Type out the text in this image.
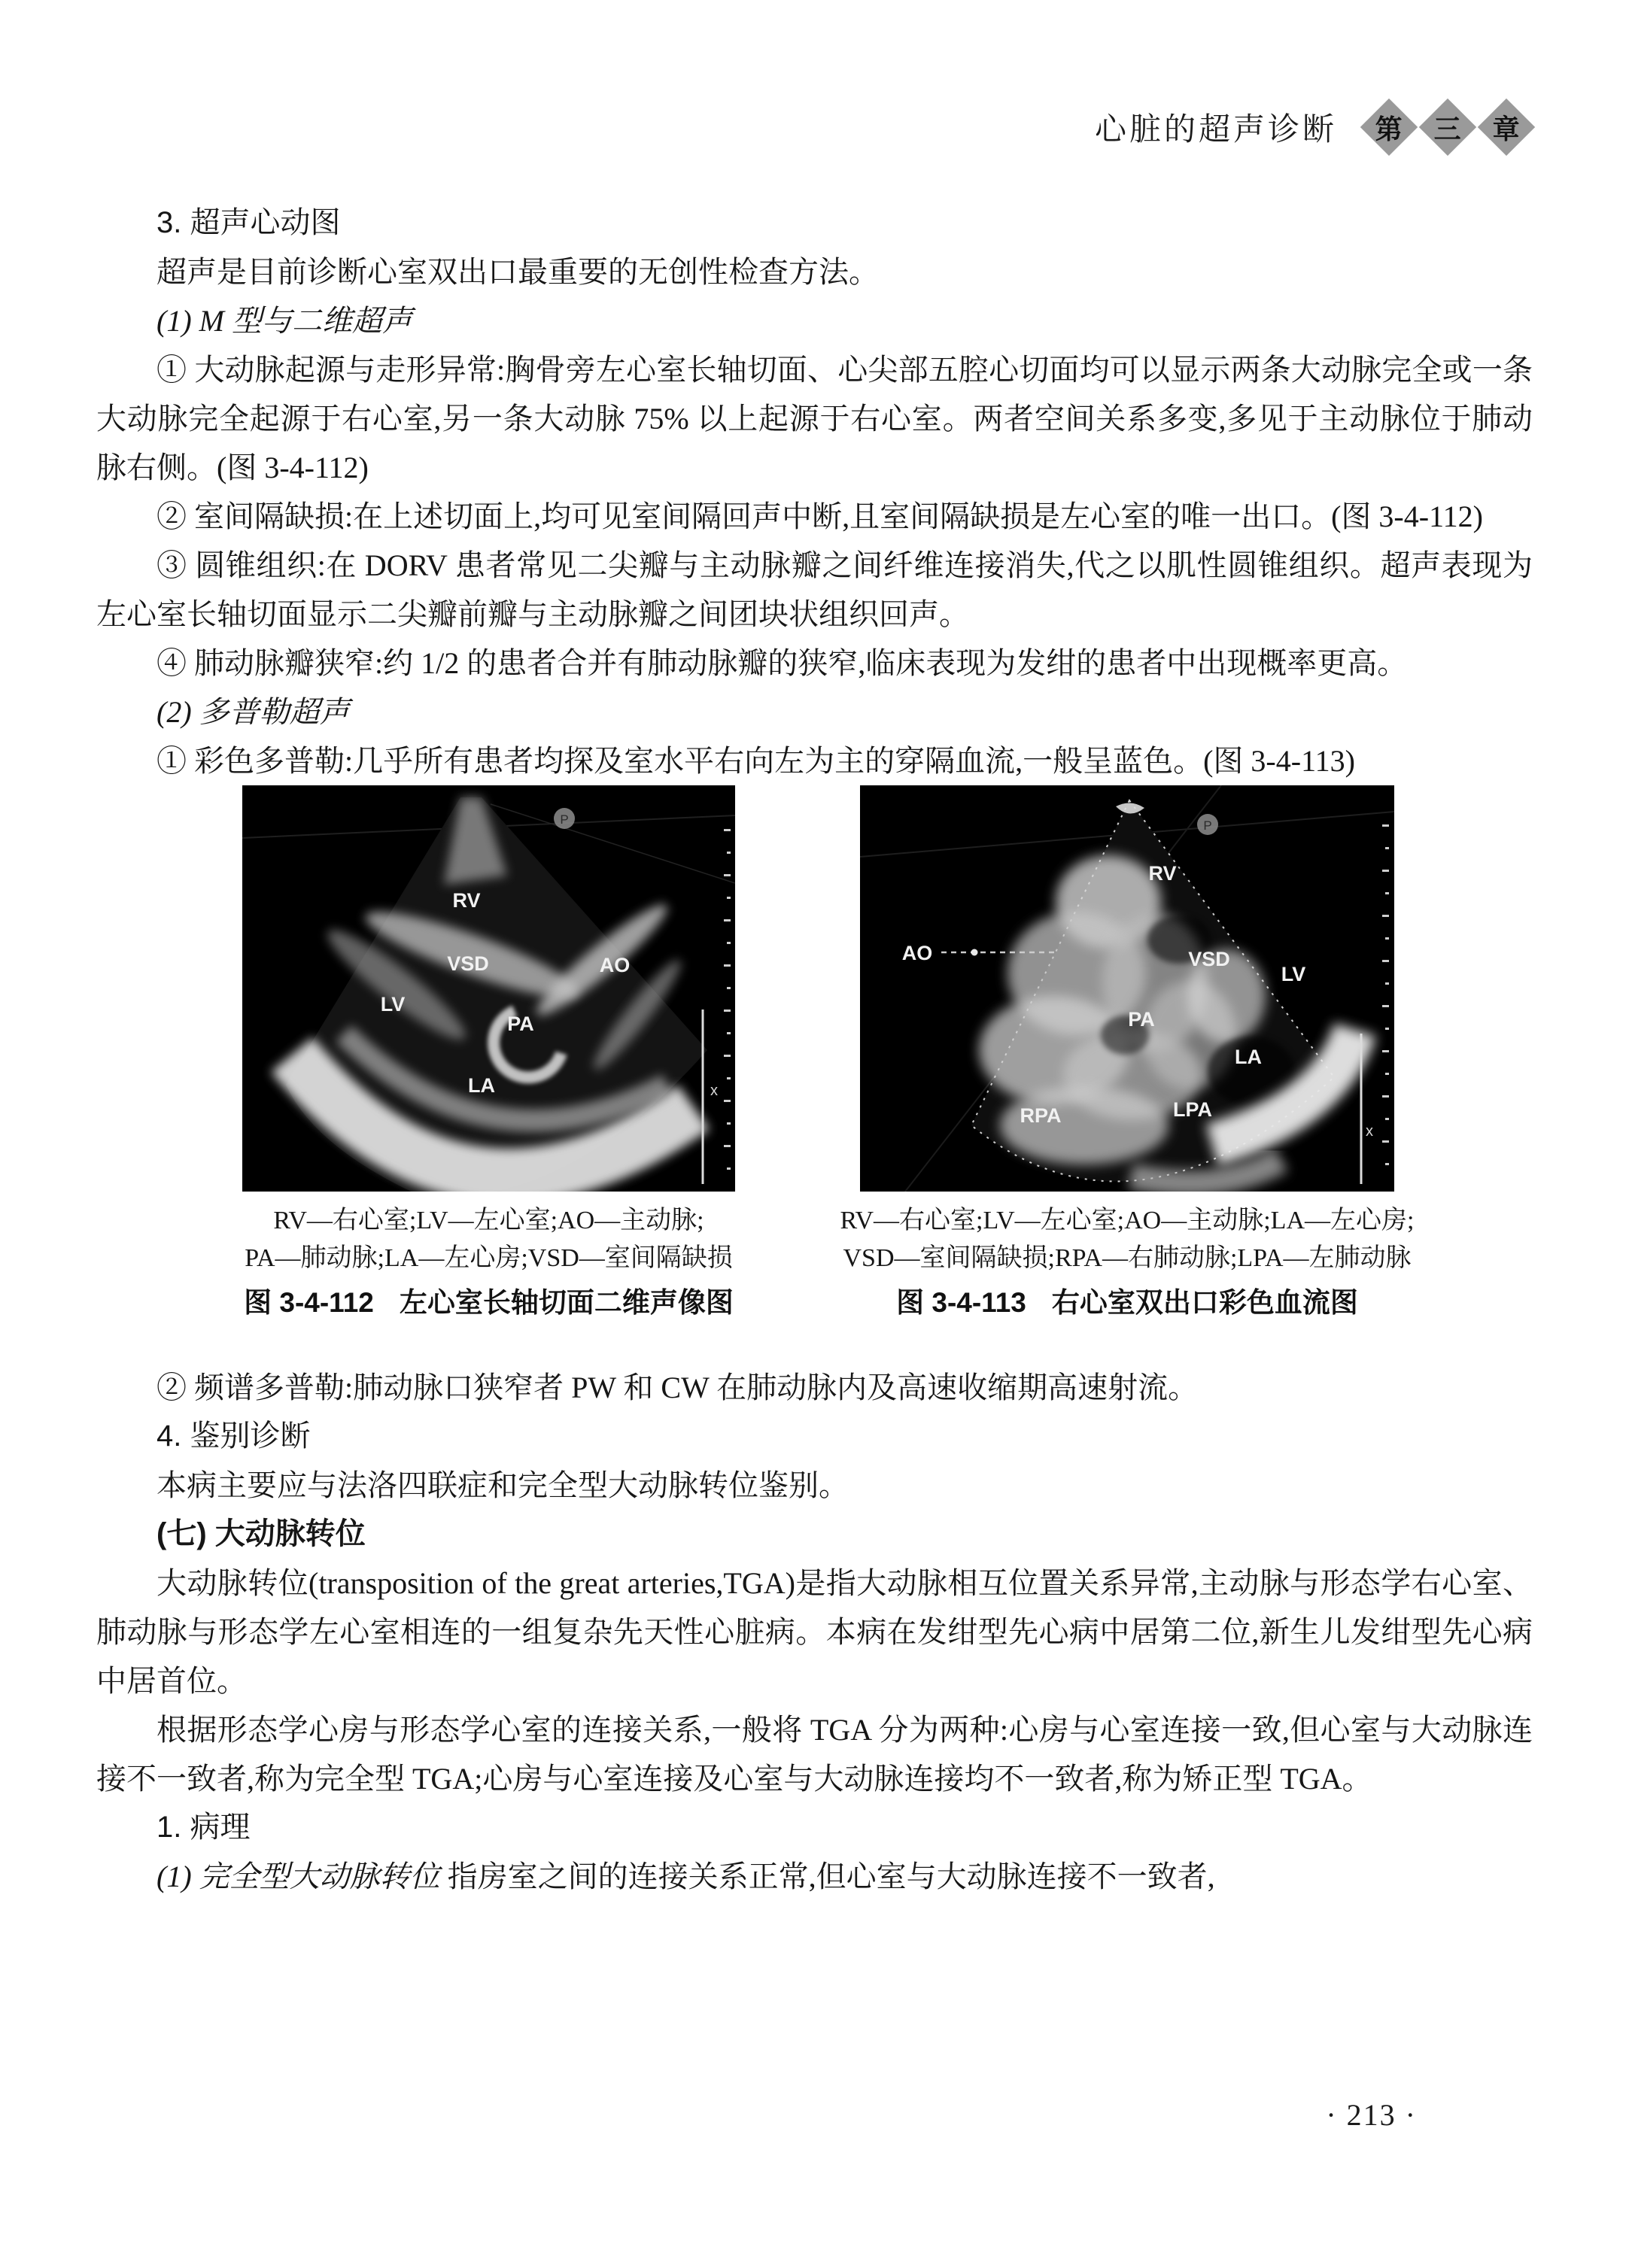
心脏的超声诊断 第 三 章

3. 超声心动图

超声是目前诊断心室双出口最重要的无创性检查方法。

(1) M 型与二维超声

① 大动脉起源与走形异常:胸骨旁左心室长轴切面、心尖部五腔心切面均可以显示两条大动脉完全或一条大动脉完全起源于右心室,另一条大动脉 75% 以上起源于右心室。两者空间关系多变,多见于主动脉位于肺动脉右侧。(图 3-4-112)

② 室间隔缺损:在上述切面上,均可见室间隔回声中断,且室间隔缺损是左心室的唯一出口。(图 3-4-112)

③ 圆锥组织:在 DORV 患者常见二尖瓣与主动脉瓣之间纤维连接消失,代之以肌性圆锥组织。超声表现为左心室长轴切面显示二尖瓣前瓣与主动脉瓣之间团块状组织回声。

④ 肺动脉瓣狭窄:约 1/2 的患者合并有肺动脉瓣的狭窄,临床表现为发绀的患者中出现概率更高。

(2) 多普勒超声

① 彩色多普勒:几乎所有患者均探及室水平右向左为主的穿隔血流,一般呈蓝色。(图 3-4-113)

RV
VSD	AO
LV
PA
LA
P
x
RV—右心室;LV—左心室;AO—主动脉;
PA—肺动脉;LA—左心房;VSD—室间隔缺损
图 3-4-112 左心室长轴切面二维声像图
RV
AO	VSD
LV
PA
LA
RPA	LPA
P
x
RV—右心室;LV—左心室;AO—主动脉;LA—左心房;
VSD—室间隔缺损;RPA—右肺动脉;LPA—左肺动脉
图 3-4-113 右心室双出口彩色血流图

② 频谱多普勒:肺动脉口狭窄者 PW 和 CW 在肺动脉内及高速收缩期高速射流。

4. 鉴别诊断

本病主要应与法洛四联症和完全型大动脉转位鉴别。

(七) 大动脉转位

大动脉转位(transposition of the great arteries,TGA)是指大动脉相互位置关系异常,主动脉与形态学右心室、肺动脉与形态学左心室相连的一组复杂先天性心脏病。本病在发绀型先心病中居第二位,新生儿发绀型先心病中居首位。

根据形态学心房与形态学心室的连接关系,一般将 TGA 分为两种:心房与心室连接一致,但心室与大动脉连接不一致者,称为完全型 TGA;心房与心室连接及心室与大动脉连接均不一致者,称为矫正型 TGA。

1. 病理

(1) 完全型大动脉转位 指房室之间的连接关系正常,但心室与大动脉连接不一致者,

· 213 ·
